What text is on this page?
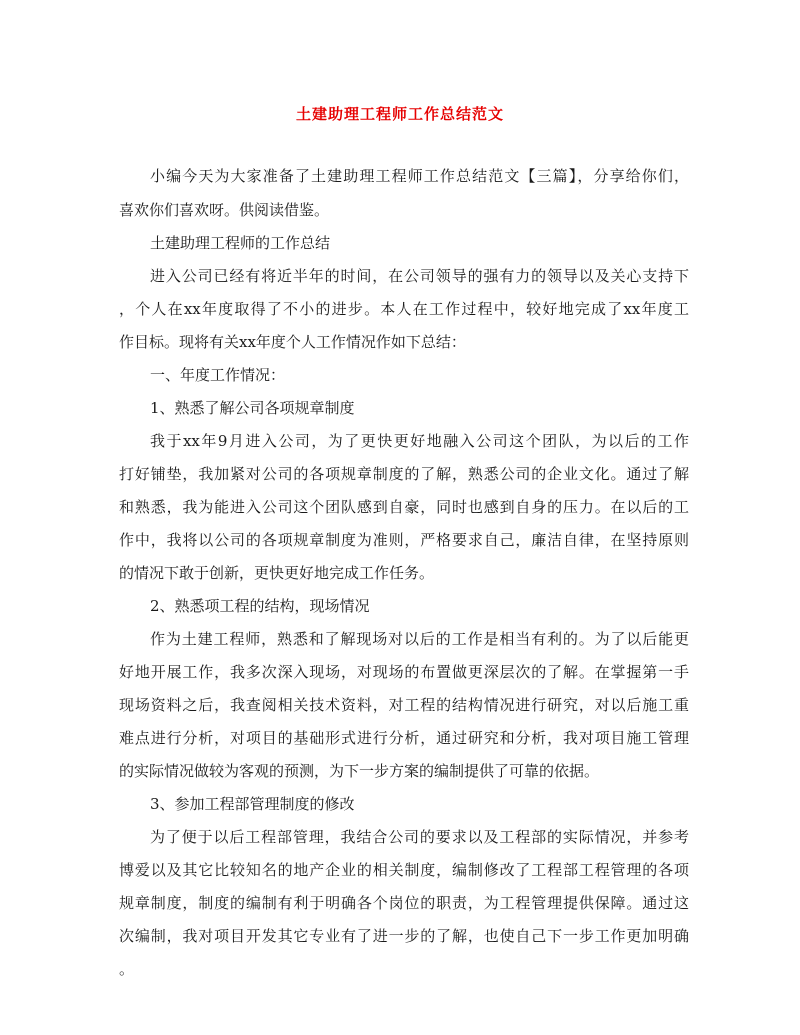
土建助理工程师工作总结范文
小编今天为大家准备了土建助理工程师工作总结范文【三篇】，分享给你们，
喜欢你们喜欢呀。供阅读借鉴。
土建助理工程师的工作总结
进入公司已经有将近半年的时间，在公司领导的强有力的领导以及关心支持下
，个人在xx年度取得了不小的进步。本人在工作过程中，较好地完成了xx年度工
作目标。现将有关xx年度个人工作情况作如下总结：
一、年度工作情况：
1、熟悉了解公司各项规章制度
我于xx年9月进入公司，为了更快更好地融入公司这个团队，为以后的工作
打好铺垫，我加紧对公司的各项规章制度的了解，熟悉公司的企业文化。通过了解
和熟悉，我为能进入公司这个团队感到自豪，同时也感到自身的压力。在以后的工
作中，我将以公司的各项规章制度为准则，严格要求自己，廉洁自律，在坚持原则
的情况下敢于创新，更快更好地完成工作任务。
2、熟悉项工程的结构，现场情况
作为土建工程师，熟悉和了解现场对以后的工作是相当有利的。为了以后能更
好地开展工作，我多次深入现场，对现场的布置做更深层次的了解。在掌握第一手
现场资料之后，我查阅相关技术资料，对工程的结构情况进行研究，对以后施工重
难点进行分析，对项目的基础形式进行分析，通过研究和分析，我对项目施工管理
的实际情况做较为客观的预测，为下一步方案的编制提供了可靠的依据。
3、参加工程部管理制度的修改
为了便于以后工程部管理，我结合公司的要求以及工程部的实际情况，并参考
博爱以及其它比较知名的地产企业的相关制度，编制修改了工程部工程管理的各项
规章制度，制度的编制有利于明确各个岗位的职责，为工程管理提供保障。通过这
次编制，我对项目开发其它专业有了进一步的了解，也使自己下一步工作更加明确
。
